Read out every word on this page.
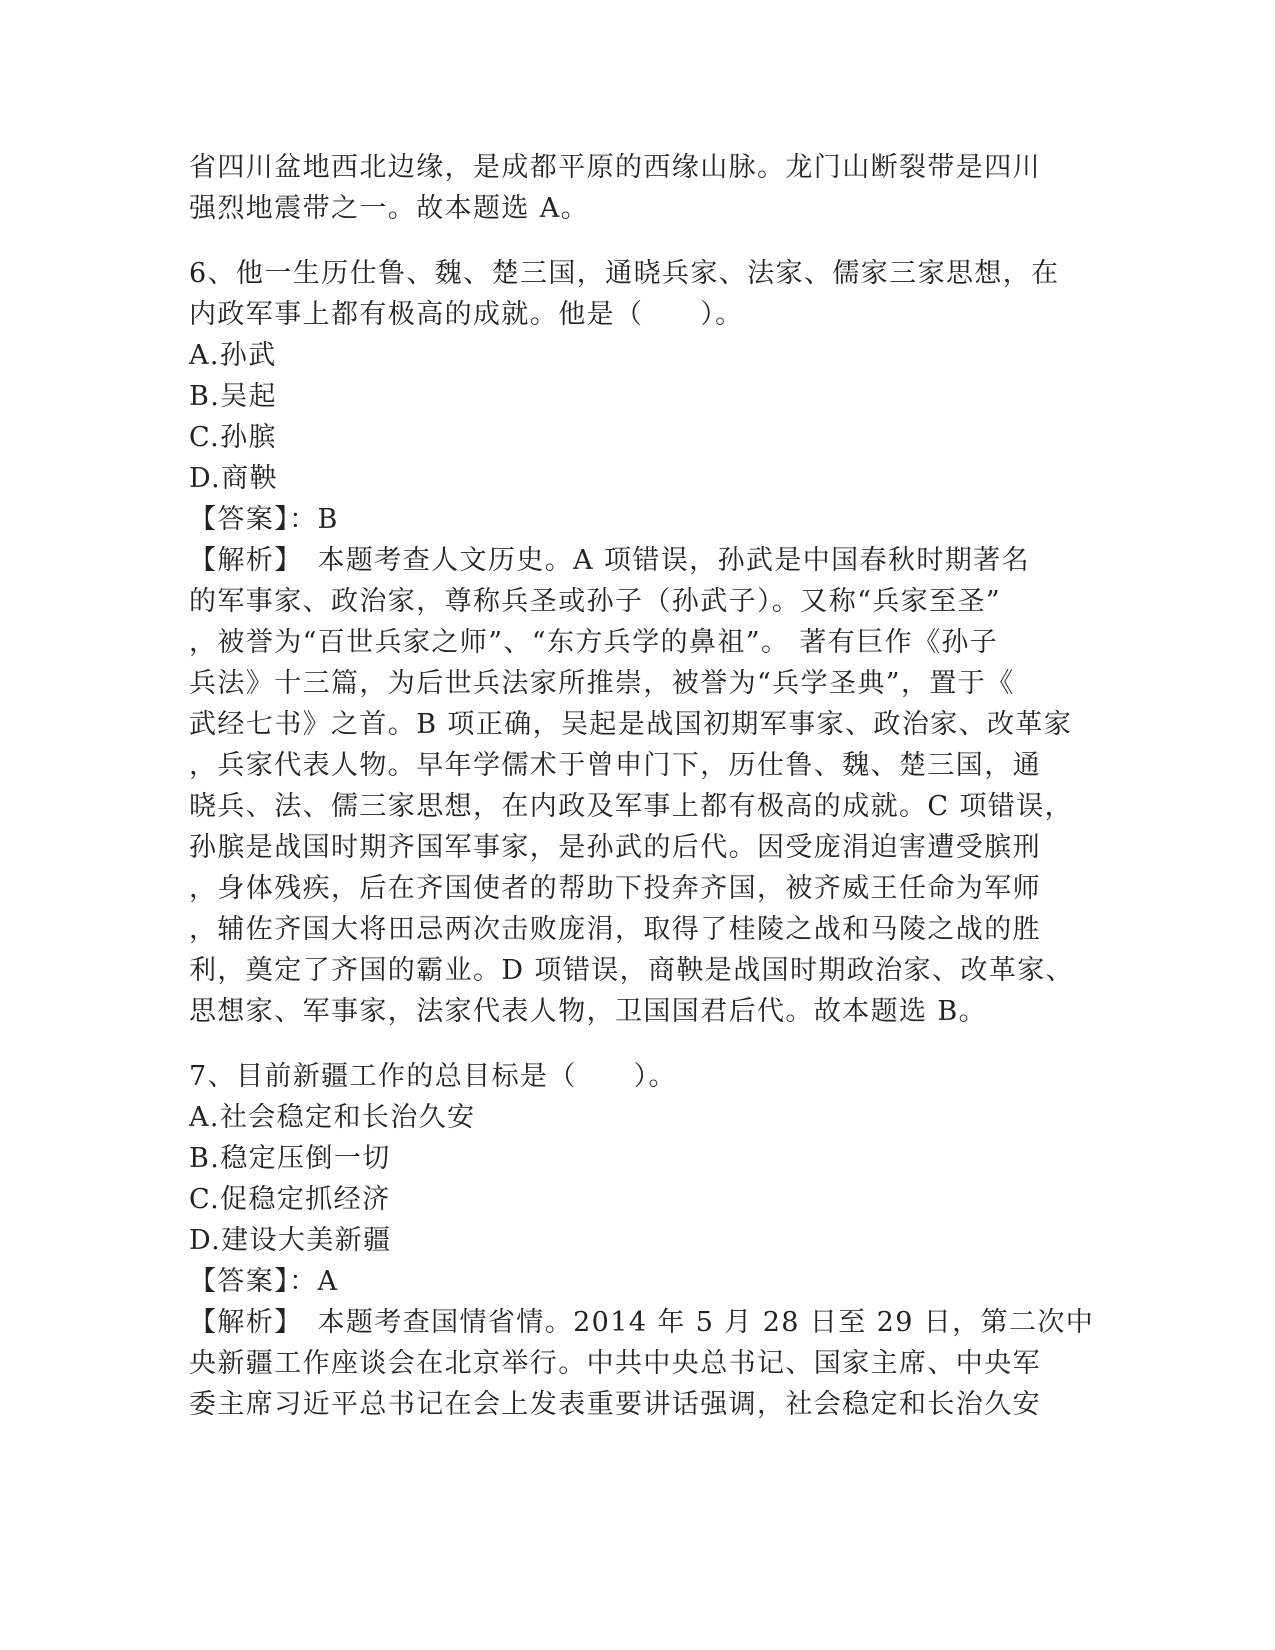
省四川盆地西北边缘，是成都平原的西缘山脉。龙门山断裂带是四川
强烈地震带之一。故本题选 A。
6、他一生历仕鲁、魏、楚三国，通晓兵家、法家、儒家三家思想，在
内政军事上都有极高的成就。他是（　　）。
A.孙武
B.吴起
C.孙膑
D.商鞅
【答案】：B
【解析】　本题考查人文历史。A 项错误，孙武是中国春秋时期著名
的军事家、政治家，尊称兵圣或孙子（孙武子）。又称“兵家至圣”
，被誉为“百世兵家之师”、“东方兵学的鼻祖”。 著有巨作《孙子
兵法》十三篇，为后世兵法家所推崇，被誉为“兵学圣典”，置于《
武经七书》之首。B 项正确，吴起是战国初期军事家、政治家、改革家
，兵家代表人物。早年学儒术于曾申门下，历仕鲁、魏、楚三国，通
晓兵、法、儒三家思想，在内政及军事上都有极高的成就。C 项错误，
孙膑是战国时期齐国军事家，是孙武的后代。因受庞涓迫害遭受膑刑
，身体残疾，后在齐国使者的帮助下投奔齐国，被齐威王任命为军师
，辅佐齐国大将田忌两次击败庞涓，取得了桂陵之战和马陵之战的胜
利，奠定了齐国的霸业。D 项错误，商鞅是战国时期政治家、改革家、
思想家、军事家，法家代表人物，卫国国君后代。故本题选 B。
7、目前新疆工作的总目标是（　　）。
A.社会稳定和长治久安
B.稳定压倒一切
C.促稳定抓经济
D.建设大美新疆
【答案】：A
【解析】　本题考查国情省情。2014 年 5 月 28 日至 29 日，第二次中
央新疆工作座谈会在北京举行。中共中央总书记、国家主席、中央军
委主席习近平总书记在会上发表重要讲话强调，社会稳定和长治久安
